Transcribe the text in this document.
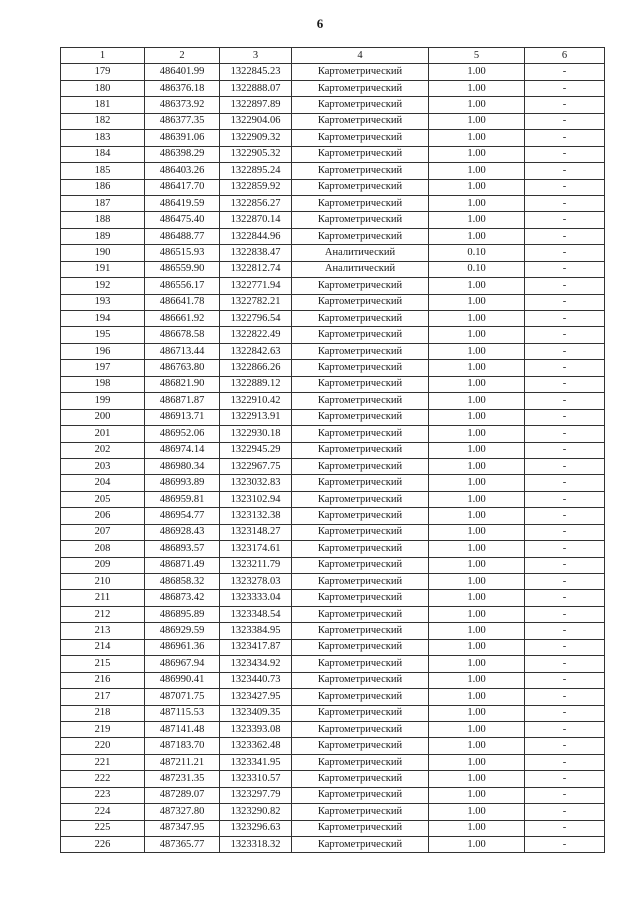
6
1	2	3	4	5	6
179	486401.99	1322845.23	Картометрический	1.00	-
180	486376.18	1322888.07	Картометрический	1.00	-
181	486373.92	1322897.89	Картометрический	1.00	-
182	486377.35	1322904.06	Картометрический	1.00	-
183	486391.06	1322909.32	Картометрический	1.00	-
184	486398.29	1322905.32	Картометрический	1.00	-
185	486403.26	1322895.24	Картометрический	1.00	-
186	486417.70	1322859.92	Картометрический	1.00	-
187	486419.59	1322856.27	Картометрический	1.00	-
188	486475.40	1322870.14	Картометрический	1.00	-
189	486488.77	1322844.96	Картометрический	1.00	-
190	486515.93	1322838.47	Аналитический	0.10	-
191	486559.90	1322812.74	Аналитический	0.10	-
192	486556.17	1322771.94	Картометрический	1.00	-
193	486641.78	1322782.21	Картометрический	1.00	-
194	486661.92	1322796.54	Картометрический	1.00	-
195	486678.58	1322822.49	Картометрический	1.00	-
196	486713.44	1322842.63	Картометрический	1.00	-
197	486763.80	1322866.26	Картометрический	1.00	-
198	486821.90	1322889.12	Картометрический	1.00	-
199	486871.87	1322910.42	Картометрический	1.00	-
200	486913.71	1322913.91	Картометрический	1.00	-
201	486952.06	1322930.18	Картометрический	1.00	-
202	486974.14	1322945.29	Картометрический	1.00	-
203	486980.34	1322967.75	Картометрический	1.00	-
204	486993.89	1323032.83	Картометрический	1.00	-
205	486959.81	1323102.94	Картометрический	1.00	-
206	486954.77	1323132.38	Картометрический	1.00	-
207	486928.43	1323148.27	Картометрический	1.00	-
208	486893.57	1323174.61	Картометрический	1.00	-
209	486871.49	1323211.79	Картометрический	1.00	-
210	486858.32	1323278.03	Картометрический	1.00	-
211	486873.42	1323333.04	Картометрический	1.00	-
212	486895.89	1323348.54	Картометрический	1.00	-
213	486929.59	1323384.95	Картометрический	1.00	-
214	486961.36	1323417.87	Картометрический	1.00	-
215	486967.94	1323434.92	Картометрический	1.00	-
216	486990.41	1323440.73	Картометрический	1.00	-
217	487071.75	1323427.95	Картометрический	1.00	-
218	487115.53	1323409.35	Картометрический	1.00	-
219	487141.48	1323393.08	Картометрический	1.00	-
220	487183.70	1323362.48	Картометрический	1.00	-
221	487211.21	1323341.95	Картометрический	1.00	-
222	487231.35	1323310.57	Картометрический	1.00	-
223	487289.07	1323297.79	Картометрический	1.00	-
224	487327.80	1323290.82	Картометрический	1.00	-
225	487347.95	1323296.63	Картометрический	1.00	-
226	487365.77	1323318.32	Картометрический	1.00	-
